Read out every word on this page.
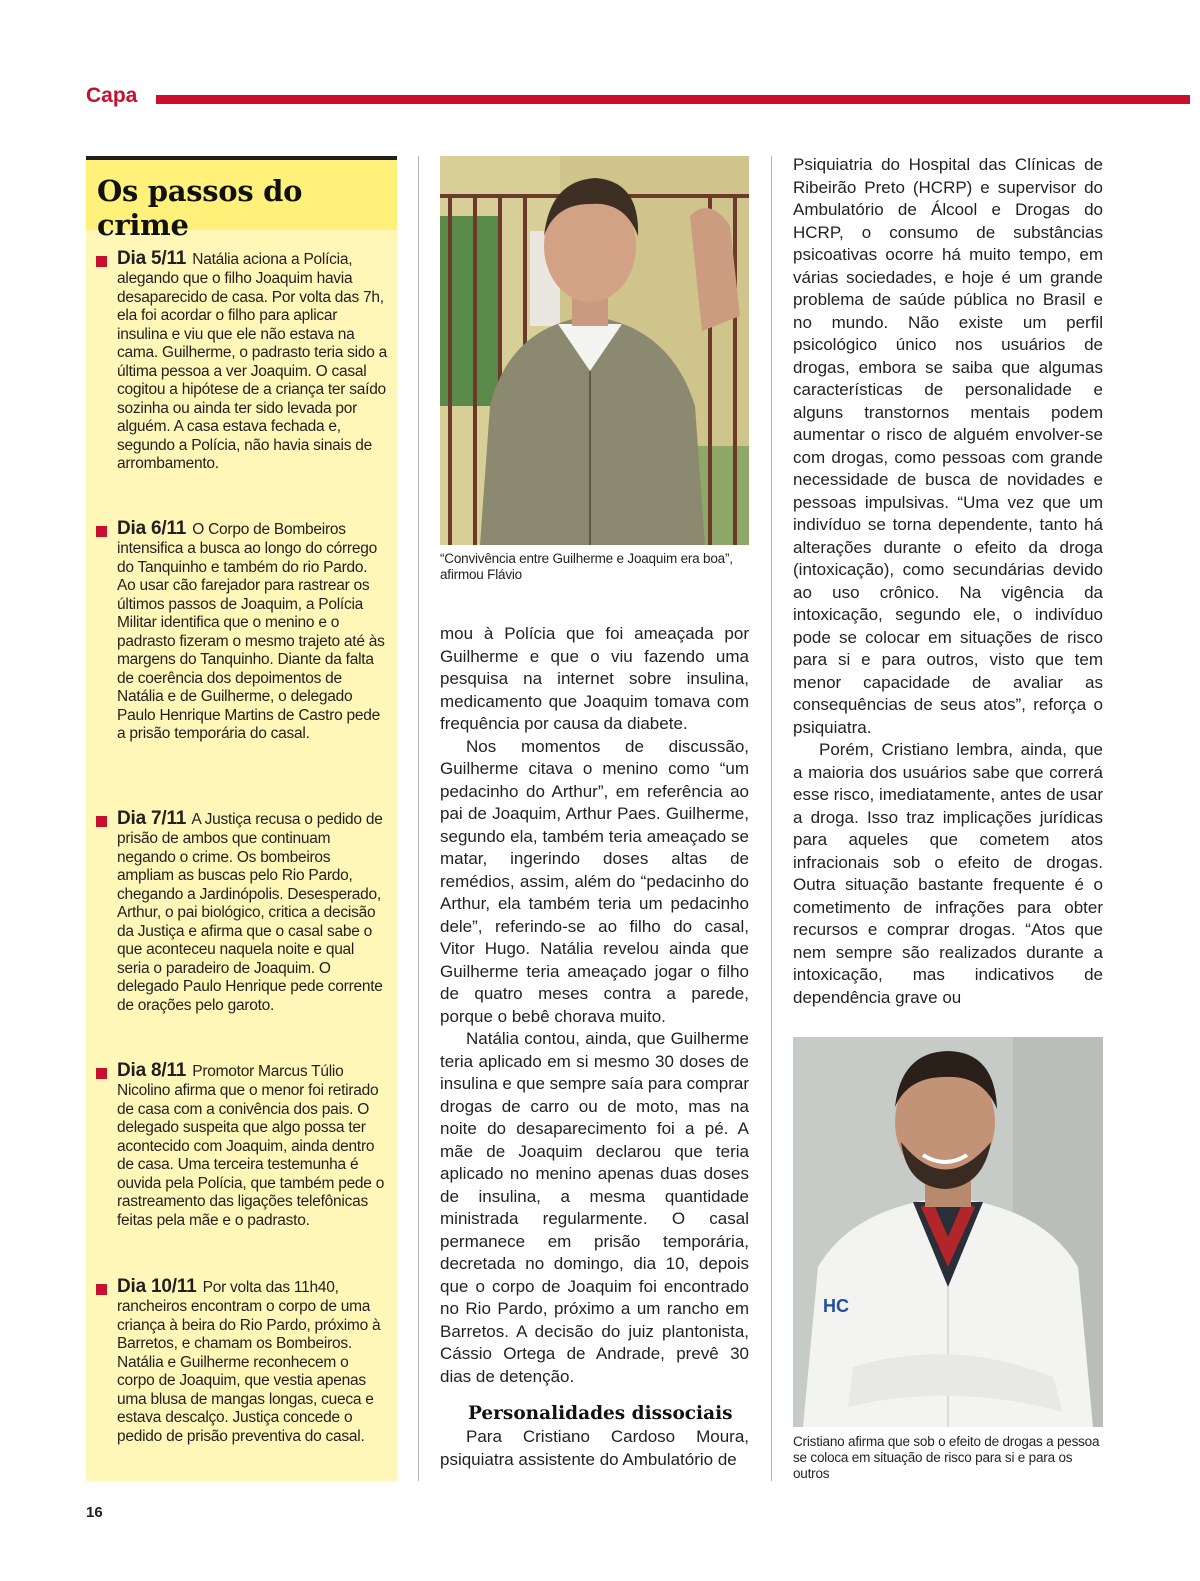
Capa
Os passos do crime
Dia 5/11 Natália aciona a Polícia, alegando que o filho Joaquim havia desaparecido de casa. Por volta das 7h, ela foi acordar o filho para aplicar insulina e viu que ele não estava na cama. Guilherme, o padrasto teria sido a última pessoa a ver Joaquim. O casal cogitou a hipótese de a criança ter saído sozinha ou ainda ter sido levada por alguém. A casa estava fechada e, segundo a Polícia, não havia sinais de arrombamento.
Dia 6/11 O Corpo de Bombeiros intensifica a busca ao longo do córrego do Tanquinho e também do rio Pardo. Ao usar cão farejador para rastrear os últimos passos de Joaquim, a Polícia Militar identifica que o menino e o padrasto fizeram o mesmo trajeto até às margens do Tanquinho. Diante da falta de coerência dos depoimentos de Natália e de Guilherme, o delegado Paulo Henrique Martins de Castro pede a prisão temporária do casal.
Dia 7/11 A Justiça recusa o pedido de prisão de ambos que continuam negando o crime. Os bombeiros ampliam as buscas pelo Rio Pardo, chegando a Jardinópolis. Desesperado, Arthur, o pai biológico, critica a decisão da Justiça e afirma que o casal sabe o que aconteceu naquela noite e qual seria o paradeiro de Joaquim. O delegado Paulo Henrique pede corrente de orações pelo garoto.
Dia 8/11 Promotor Marcus Túlio Nicolino afirma que o menor foi retirado de casa com a conivência dos pais. O delegado suspeita que algo possa ter acontecido com Joaquim, ainda dentro de casa. Uma terceira testemunha é ouvida pela Polícia, que também pede o rastreamento das ligações telefônicas feitas pela mãe e o padrasto.
Dia 10/11 Por volta das 11h40, rancheiros encontram o corpo de uma criança à beira do Rio Pardo, próximo à Barretos, e chamam os Bombeiros. Natália e Guilherme reconhecem o corpo de Joaquim, que vestia apenas uma blusa de mangas longas, cueca e estava descalço. Justiça concede o pedido de prisão preventiva do casal.
“Convivência entre Guilherme e Joaquim era boa”, afirmou Flávio

mou à Polícia que foi ameaçada por Guilherme e que o viu fazendo uma pesquisa na internet sobre insulina, medicamento que Joaquim tomava com frequência por causa da diabete.

Nos momentos de discussão, Guilherme citava o menino como “um pedacinho do Arthur”, em referência ao pai de Joaquim, Arthur Paes. Guilherme, segundo ela, também teria ameaçado se matar, ingerindo doses altas de remédios, assim, além do “pedacinho do Arthur, ela também teria um pedacinho dele”, referindo-se ao filho do casal, Vitor Hugo. Natália revelou ainda que Guilherme teria ameaçado jogar o filho de quatro meses contra a parede, porque o bebê chorava muito.

Natália contou, ainda, que Guilherme teria aplicado em si mesmo 30 doses de insulina e que sempre saía para comprar drogas de carro ou de moto, mas na noite do desaparecimento foi a pé. A mãe de Joaquim declarou que teria aplicado no menino apenas duas doses de insulina, a mesma quantidade ministrada regularmente. O casal permanece em prisão temporária, decretada no domingo, dia 10, depois que o corpo de Joaquim foi encontrado no Rio Pardo, próximo a um rancho em Barretos. A decisão do juiz plantonista, Cássio Ortega de Andrade, prevê 30 dias de detenção.

Personalidades dissociais

Para Cristiano Cardoso Moura, psiquiatra assistente do Ambulatório de

Psiquiatria do Hospital das Clínicas de Ribeirão Preto (HCRP) e supervisor do Ambulatório de Álcool e Drogas do HCRP, o consumo de substâncias psicoativas ocorre há muito tempo, em várias sociedades, e hoje é um grande problema de saúde pública no Brasil e no mundo. Não existe um perfil psicológico único nos usuários de drogas, embora se saiba que algumas características de personalidade e alguns transtornos mentais podem aumentar o risco de alguém envolver-se com drogas, como pessoas com grande necessidade de busca de novidades e pessoas impulsivas. “Uma vez que um indivíduo se torna dependente, tanto há alterações durante o efeito da droga (intoxicação), como secundárias devido ao uso crônico. Na vigência da intoxicação, segundo ele, o indivíduo pode se colocar em situações de risco para si e para outros, visto que tem menor capacidade de avaliar as consequências de seus atos”, reforça o psiquiatra.

Porém, Cristiano lembra, ainda, que a maioria dos usuários sabe que correrá esse risco, imediatamente, antes de usar a droga. Isso traz implicações jurídicas para aqueles que cometem atos infracionais sob o efeito de drogas. Outra situação bastante frequente é o cometimento de infrações para obter recursos e comprar drogas. “Atos que nem sempre são realizados durante a intoxicação, mas indicativos de dependência grave ou

HC
Cristiano afirma que sob o efeito de drogas a pessoa se coloca em situação de risco para si e para os outros
16
